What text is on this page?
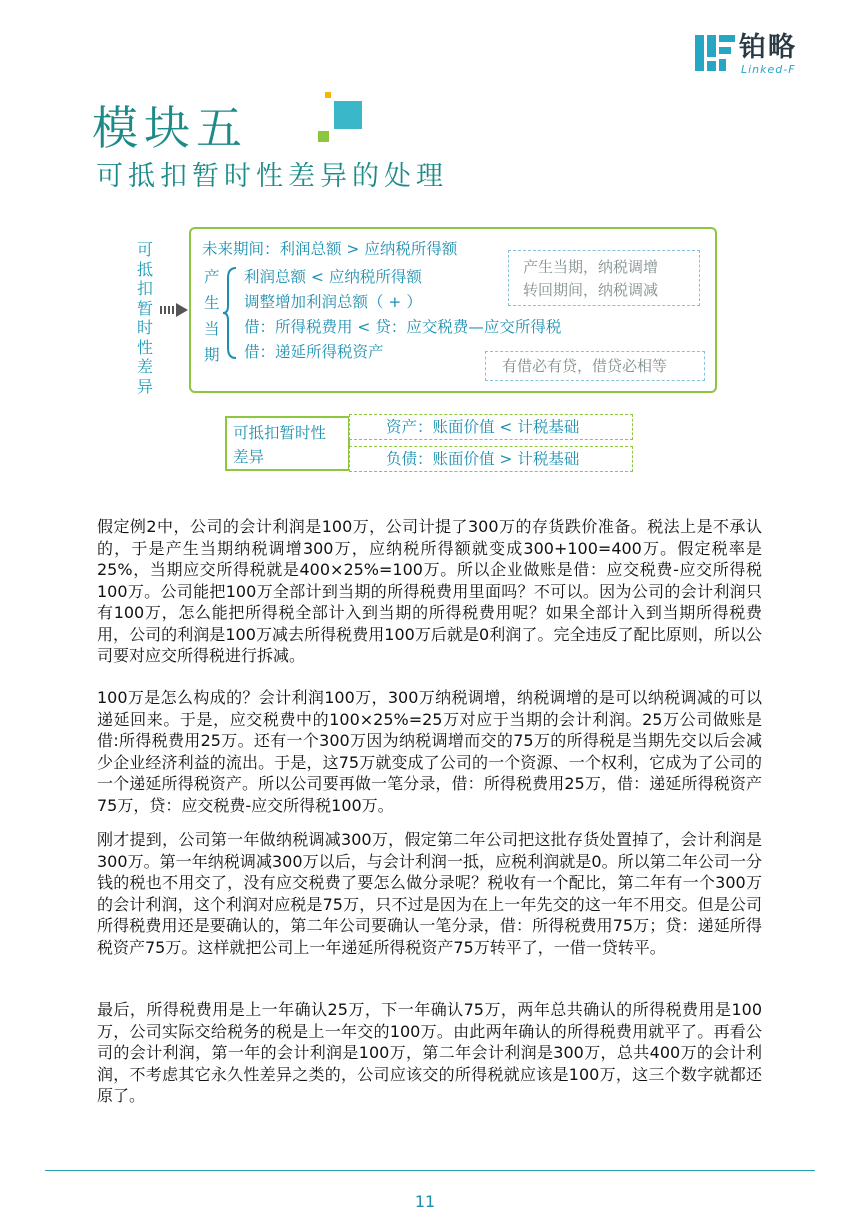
铂略
Linked-F
模块五
可抵扣暂时性差异的处理
可
抵
扣
暂
时
性
差
异
未来期间：利润总额 > 应纳税所得额
产
生
当
期
利润总额 < 应纳税所得额
调整增加利润总额（ + ）
借：所得税费用 < 贷：应交税费—应交所得税
借：递延所得税资产
产生当期，纳税调增
转回期间，纳税调减
有借必有贷，借贷必相等
可抵扣暂时性
差异
资产：账面价值 < 计税基础
负债：账面价值 > 计税基础

假定例2中，公司的会计利润是100万，公司计提了300万的存货跌价准备。税法上是不承认的，于是产生当期纳税调增300万，应纳税所得额就变成300+100=400万。假定税率是25%，当期应交所得税就是400×25%=100万。所以企业做账是借：应交税费-应交所得税100万。公司能把100万全部计到当期的所得税费用里面吗？不可以。因为公司的会计利润只有100万，怎么能把所得税全部计入到当期的所得税费用呢？如果全部计入到当期所得税费用，公司的利润是100万减去所得税费用100万后就是0利润了。完全违反了配比原则，所以公司要对应交所得税进行拆减。

100万是怎么构成的？会计利润100万，300万纳税调增，纳税调增的是可以纳税调减的可以递延回来。于是，应交税费中的100×25%=25万对应于当期的会计利润。25万公司做账是借:所得税费用25万。还有一个300万因为纳税调增而交的75万的所得税是当期先交以后会减少企业经济利益的流出。于是，这75万就变成了公司的一个资源、一个权利，它成为了公司的一个递延所得税资产。所以公司要再做一笔分录，借：所得税费用25万，借：递延所得税资产75万，贷：应交税费-应交所得税100万。

刚才提到，公司第一年做纳税调减300万，假定第二年公司把这批存货处置掉了，会计利润是300万。第一年纳税调减300万以后，与会计利润一抵，应税利润就是0。所以第二年公司一分钱的税也不用交了，没有应交税费了要怎么做分录呢？税收有一个配比，第二年有一个300万的会计利润，这个利润对应税是75万，只不过是因为在上一年先交的这一年不用交。但是公司所得税费用还是要确认的，第二年公司要确认一笔分录，借：所得税费用75万；贷：递延所得税资产75万。这样就把公司上一年递延所得税资产75万转平了，一借一贷转平。

最后，所得税费用是上一年确认25万，下一年确认75万，两年总共确认的所得税费用是100万，公司实际交给税务的税是上一年交的100万。由此两年确认的所得税费用就平了。再看公司的会计利润，第一年的会计利润是100万，第二年会计利润是300万，总共400万的会计利润，不考虑其它永久性差异之类的，公司应该交的所得税就应该是100万，这三个数字就都还原了。

11
